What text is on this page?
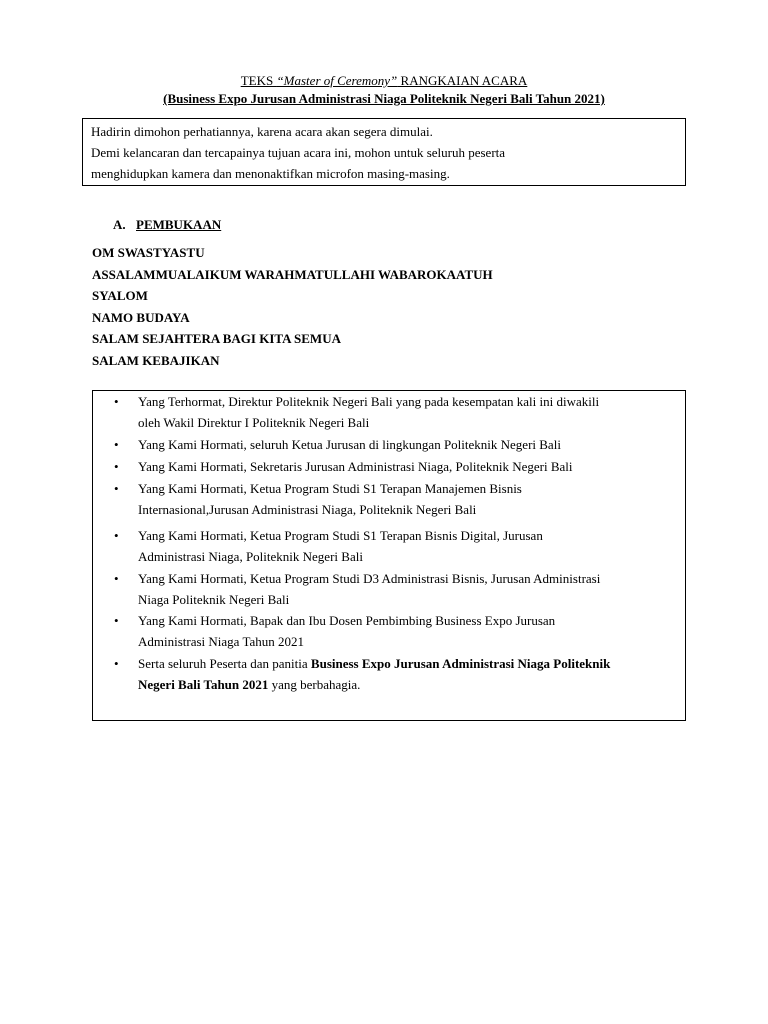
TEKS “Master of Ceremony” RANGKAIAN ACARA
(Business Expo Jurusan Administrasi Niaga Politeknik Negeri Bali Tahun 2021)

Hadirin dimohon perhatiannya, karena acara akan segera dimulai.

Demi kelancaran dan tercapainya tujuan acara ini, mohon untuk seluruh peserta

menghidupkan kamera dan menonaktifkan microfon masing-masing.

A. PEMBUKAAN
OM SWASTYASTU
ASSALAMMUALAIKUM WARAHMATULLAHI WABAROKAATUH
SYALOM
NAMO BUDAYA
SALAM SEJAHTERA BAGI KITA SEMUA
SALAM KEBAJIKAN
• Yang Terhormat, Direktur Politeknik Negeri Bali yang pada kesempatan kali ini diwakili
oleh Wakil Direktur I Politeknik Negeri Bali
• Yang Kami Hormati, seluruh Ketua Jurusan di lingkungan Politeknik Negeri Bali
• Yang Kami Hormati, Sekretaris Jurusan Administrasi Niaga, Politeknik Negeri Bali
• Yang Kami Hormati, Ketua Program Studi S1 Terapan Manajemen Bisnis
Internasional,Jurusan Administrasi Niaga, Politeknik Negeri Bali
• Yang Kami Hormati, Ketua Program Studi S1 Terapan Bisnis Digital, Jurusan
Administrasi Niaga, Politeknik Negeri Bali
• Yang Kami Hormati, Ketua Program Studi D3 Administrasi Bisnis, Jurusan Administrasi
Niaga Politeknik Negeri Bali
• Yang Kami Hormati, Bapak dan Ibu Dosen Pembimbing Business Expo Jurusan
Administrasi Niaga Tahun 2021
• Serta seluruh Peserta dan panitia Business Expo Jurusan Administrasi Niaga Politeknik
Negeri Bali Tahun 2021 yang berbahagia.
